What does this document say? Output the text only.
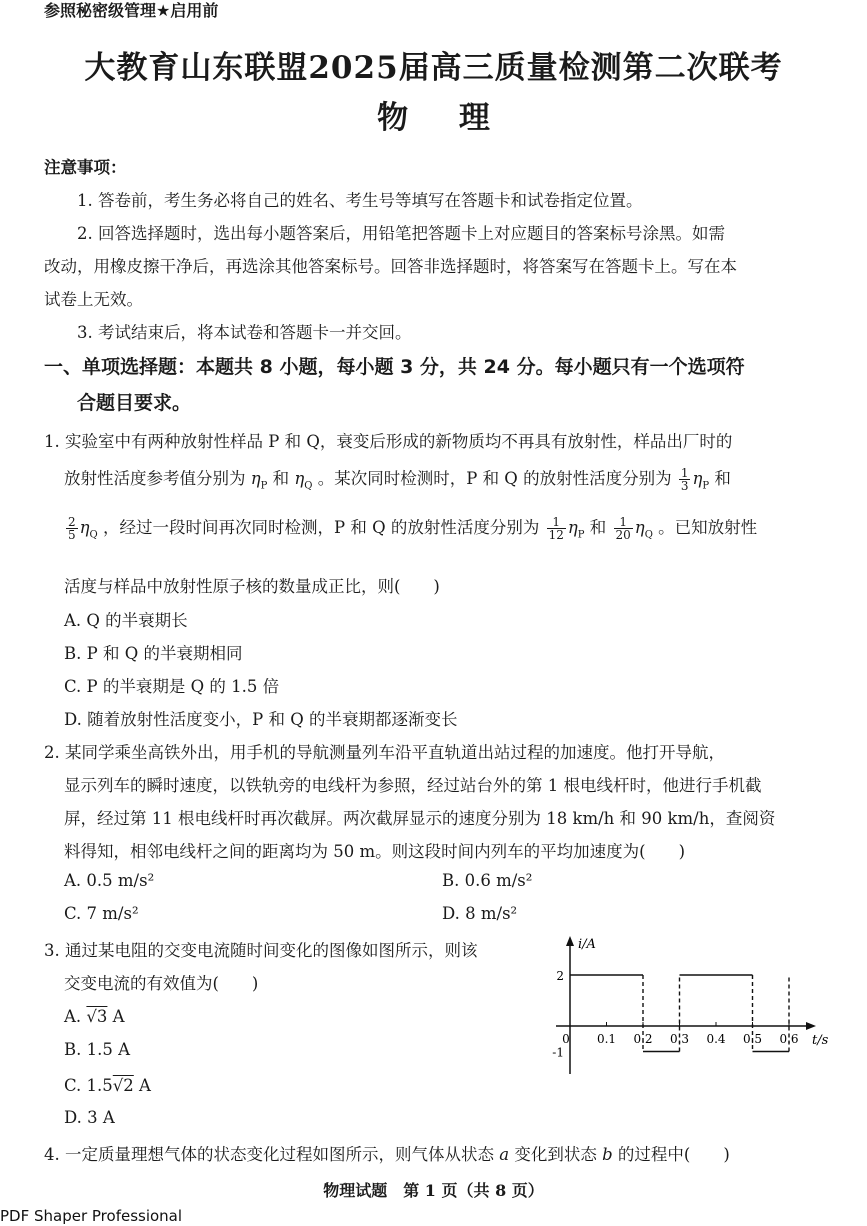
参照秘密级管理★启用前
大教育山东联盟2025届高三质量检测第二次联考
物 理
注意事项：
1. 答卷前，考生务必将自己的姓名、考生号等填写在答题卡和试卷指定位置。
2. 回答选择题时，选出每小题答案后，用铅笔把答题卡上对应题目的答案标号涂黑。如需
改动，用橡皮擦干净后，再选涂其他答案标号。回答非选择题时，将答案写在答题卡上。写在本
试卷上无效。
3. 考试结束后，将本试卷和答题卡一并交回。
一、单项选择题：本题共 8 小题，每小题 3 分，共 24 分。每小题只有一个选项符
合题目要求。
1. 实验室中有两种放射性样品 P 和 Q，衰变后形成的新物质均不再具有放射性，样品出厂时的
放射性活度参考值分别为 $\eta_P$ 和 $\eta_Q$ 。某次同时检测时，P 和 Q 的放射性活度分别为 $\frac{1}{3} \eta_P$ 和
$\frac{2}{5} \eta_Q$ ，经过一段时间再次同时检测，P 和 Q 的放射性活度分别为 $\frac{1}{12} \eta_P$ 和 $\frac{1}{20} \eta_Q$ 。已知放射性
活度与样品中放射性原子核的数量成正比，则(　　)
A. Q 的半衰期长
B. P 和 Q 的半衰期相同
C. P 的半衰期是 Q 的 1.5 倍
D. 随着放射性活度变小，P 和 Q 的半衰期都逐渐变长
2. 某同学乘坐高铁外出，用手机的导航测量列车沿平直轨道出站过程的加速度。他打开导航，
显示列车的瞬时速度，以铁轨旁的电线杆为参照，经过站台外的第 1 根电线杆时，他进行手机截
屏，经过第 11 根电线杆时再次截屏。两次截屏显示的速度分别为 18 km/h 和 90 km/h，查阅资
料得知，相邻电线杆之间的距离均为 50 m。则这段时间内列车的平均加速度为(　　)
A. 0.5 m/s²	B. 0.6 m/s²
C. 7 m/s²	D. 8 m/s²
3. 通过某电阻的交变电流随时间变化的图像如图所示，则该
交变电流的有效值为(　　)
A. √3 A
B. 1.5 A
C. 1.5√2 A
D. 3 A
i/A
t/s
0 0.1 0.2 0.3 0.4 0.5 0.6
2
-1
4. 一定质量理想气体的状态变化过程如图所示，则气体从状态 a 变化到状态 b 的过程中(　　)
物理试题　第 1 页（共 8 页）
PDF Shaper Professional
